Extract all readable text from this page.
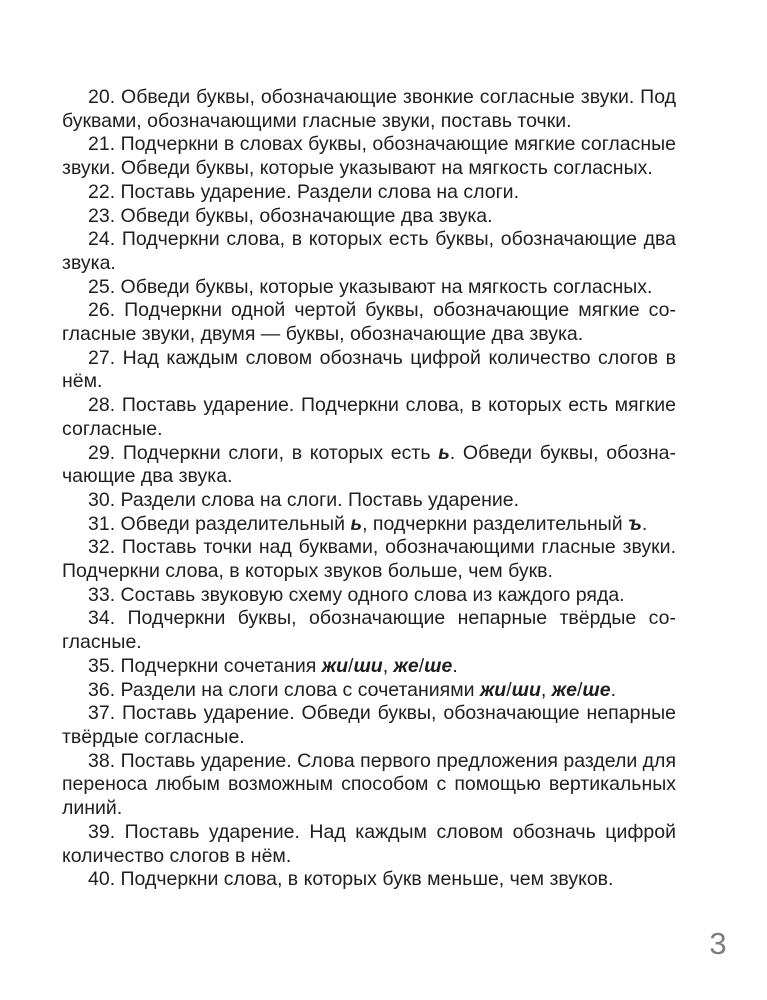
20. Обведи буквы, обозначающие звонкие согласные звуки. Под буквами, обозначающими гласные звуки, поставь точки.

21. Подчеркни в словах буквы, обозначающие мягкие согласные звуки. Обведи буквы, которые указывают на мягкость согласных.

22. Поставь ударение. Раздели слова на слоги.

23. Обведи буквы, обозначающие два звука.

24. Подчеркни слова, в которых есть буквы, обозначающие два звука.

25. Обведи буквы, которые указывают на мягкость согласных.

26. Подчеркни одной чертой буквы, обозначающие мягкие согласные звуки, двумя — буквы, обозначающие два звука.

27. Над каждым словом обозначь цифрой количество слогов в нём.

28. Поставь ударение. Подчеркни слова, в которых есть мягкие согласные.

29. Подчеркни слоги, в которых есть ь. Обведи буквы, обозначающие два звука.

30. Раздели слова на слоги. Поставь ударение.

31. Обведи разделительный ь, подчеркни разделительный ъ.

32. Поставь точки над буквами, обозначающими гласные звуки. Подчеркни слова, в которых звуков больше, чем букв.

33. Составь звуковую схему одного слова из каждого ряда.

34. Подчеркни буквы, обозначающие непарные твёрдые согласные.

35. Подчеркни сочетания жи/ши, же/ше.

36. Раздели на слоги слова с сочетаниями жи/ши, же/ше.

37. Поставь ударение. Обведи буквы, обозначающие непарные твёрдые согласные.

38. Поставь ударение. Слова первого предложения раздели для переноса любым возможным способом с помощью вертикальных линий.

39. Поставь ударение. Над каждым словом обозначь цифрой количество слогов в нём.

40. Подчеркни слова, в которых букв меньше, чем звуков.

3
